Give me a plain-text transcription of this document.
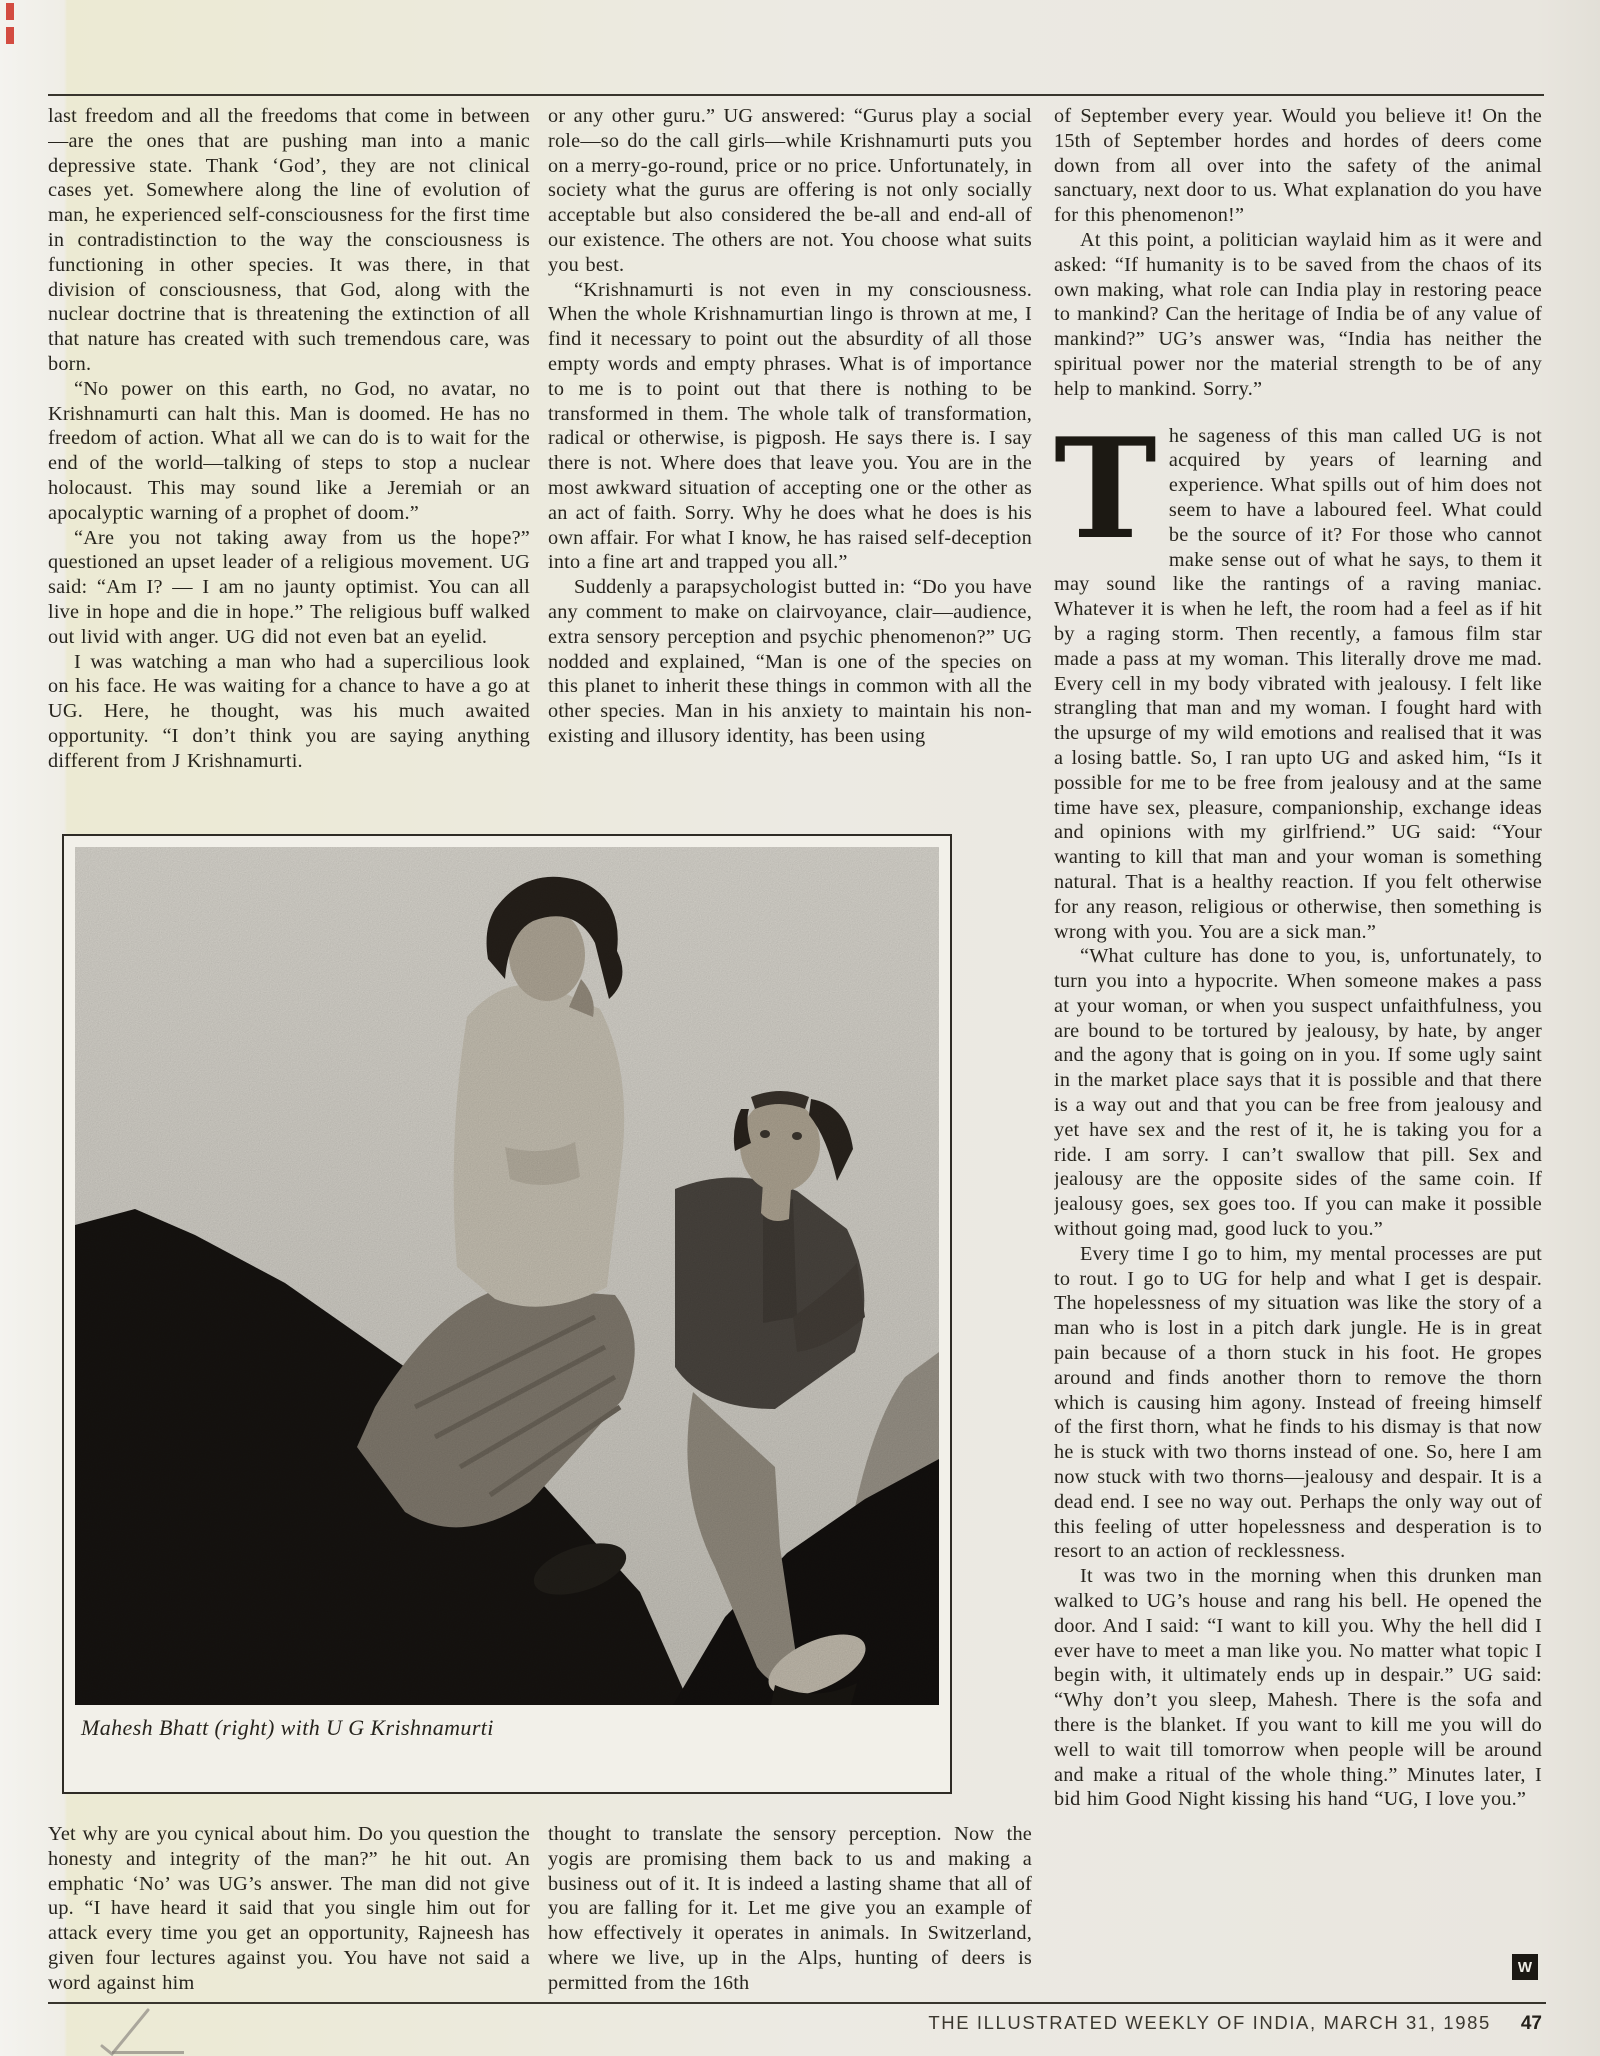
last freedom and all the freedoms that come in between—are the ones that are pushing man into a manic depressive state. Thank ‘God’, they are not clinical cases yet. Somewhere along the line of evolution of man, he experienced self-consciousness for the first time in contradistinction to the way the consciousness is functioning in other species. It was there, in that division of consciousness, that God, along with the nuclear doctrine that is threatening the extinction of all that nature has created with such tremendous care, was born.

“No power on this earth, no God, no avatar, no Krishnamurti can halt this. Man is doomed. He has no freedom of action. What all we can do is to wait for the end of the world—talking of steps to stop a nuclear holocaust. This may sound like a Jeremiah or an apocalyptic warning of a prophet of doom.”

“Are you not taking away from us the hope?” questioned an upset leader of a religious movement. UG said: “Am I? — I am no jaunty optimist. You can all live in hope and die in hope.” The religious buff walked out livid with anger. UG did not even bat an eyelid.

I was watching a man who had a supercilious look on his face. He was waiting for a chance to have a go at UG. Here, he thought, was his much awaited opportunity. “I don’t think you are saying anything different from J Krishnamurti.

or any other guru.” UG answered: “Gurus play a social role—so do the call girls—while Krishnamurti puts you on a merry-go-round, price or no price. Unfortunately, in society what the gurus are offering is not only socially acceptable but also considered the be-all and end-all of our existence. The others are not. You choose what suits you best.

“Krishnamurti is not even in my consciousness. When the whole Krishnamurtian lingo is thrown at me, I find it necessary to point out the absurdity of all those empty words and empty phrases. What is of importance to me is to point out that there is nothing to be transformed in them. The whole talk of transformation, radical or otherwise, is pigposh. He says there is. I say there is not. Where does that leave you. You are in the most awkward situation of accepting one or the other as an act of faith. Sorry. Why he does what he does is his own affair. For what I know, he has raised self-deception into a fine art and trapped you all.”

Suddenly a parapsychologist butted in: “Do you have any comment to make on clairvoyance, clair—audience, extra sensory perception and psychic phenomenon?” UG nodded and explained, “Man is one of the species on this planet to inherit these things in common with all the other species. Man in his anxiety to maintain his non-existing and illusory identity, has been using

of September every year. Would you believe it! On the 15th of September hordes and hordes of deers come down from all over into the safety of the animal sanctuary, next door to us. What explanation do you have for this phenomenon!”

At this point, a politician waylaid him as it were and asked: “If humanity is to be saved from the chaos of its own making, what role can India play in restoring peace to mankind? Can the heritage of India be of any value of mankind?” UG’s answer was, “India has neither the spiritual power nor the material strength to be of any help to mankind. Sorry.”

The sageness of this man called UG is not acquired by years of learning and experience. What spills out of him does not seem to have a laboured feel. What could be the source of it? For those who cannot make sense out of what he says, to them it may sound like the rantings of a raving maniac. Whatever it is when he left, the room had a feel as if hit by a raging storm. Then recently, a famous film star made a pass at my woman. This literally drove me mad. Every cell in my body vibrated with jealousy. I felt like strangling that man and my woman. I fought hard with the upsurge of my wild emotions and realised that it was a losing battle. So, I ran upto UG and asked him, “Is it possible for me to be free from jealousy and at the same time have sex, pleasure, companionship, exchange ideas and opinions with my girlfriend.” UG said: “Your wanting to kill that man and your woman is something natural. That is a healthy reaction. If you felt otherwise for any reason, religious or otherwise, then something is wrong with you. You are a sick man.”

“What culture has done to you, is, unfortunately, to turn you into a hypocrite. When someone makes a pass at your woman, or when you suspect unfaithfulness, you are bound to be tortured by jealousy, by hate, by anger and the agony that is going on in you. If some ugly saint in the market place says that it is possible and that there is a way out and that you can be free from jealousy and yet have sex and the rest of it, he is taking you for a ride. I am sorry. I can’t swallow that pill. Sex and jealousy are the opposite sides of the same coin. If jealousy goes, sex goes too. If you can make it possible without going mad, good luck to you.”

Every time I go to him, my mental processes are put to rout. I go to UG for help and what I get is despair. The hopelessness of my situation was like the story of a man who is lost in a pitch dark jungle. He is in great pain because of a thorn stuck in his foot. He gropes around and finds another thorn to remove the thorn which is causing him agony. Instead of freeing himself of the first thorn, what he finds to his dismay is that now he is stuck with two thorns instead of one. So, here I am now stuck with two thorns—jealousy and despair. It is a dead end. I see no way out. Perhaps the only way out of this feeling of utter hopelessness and desperation is to resort to an action of recklessness.

It was two in the morning when this drunken man walked to UG’s house and rang his bell. He opened the door. And I said: “I want to kill you. Why the hell did I ever have to meet a man like you. No matter what topic I begin with, it ultimately ends up in despair.” UG said: “Why don’t you sleep, Mahesh. There is the sofa and there is the blanket. If you want to kill me you will do well to wait till tomorrow when people will be around and make a ritual of the whole thing.” Minutes later, I bid him Good Night kissing his hand “UG, I love you.”

Mahesh Bhatt (right) with U G Krishnamurti

Yet why are you cynical about him. Do you question the honesty and integrity of the man?” he hit out. An emphatic ‘No’ was UG’s answer. The man did not give up. “I have heard it said that you single him out for attack every time you get an opportunity, Rajneesh has given four lectures against you. You have not said a word against him

thought to translate the sensory perception. Now the yogis are promising them back to us and making a business out of it. It is indeed a lasting shame that all of you are falling for it. Let me give you an example of how effectively it operates in animals. In Switzerland, where we live, up in the Alps, hunting of deers is permitted from the 16th

W
THE ILLUSTRATED WEEKLY OF INDIA, MARCH 31, 1985 47
